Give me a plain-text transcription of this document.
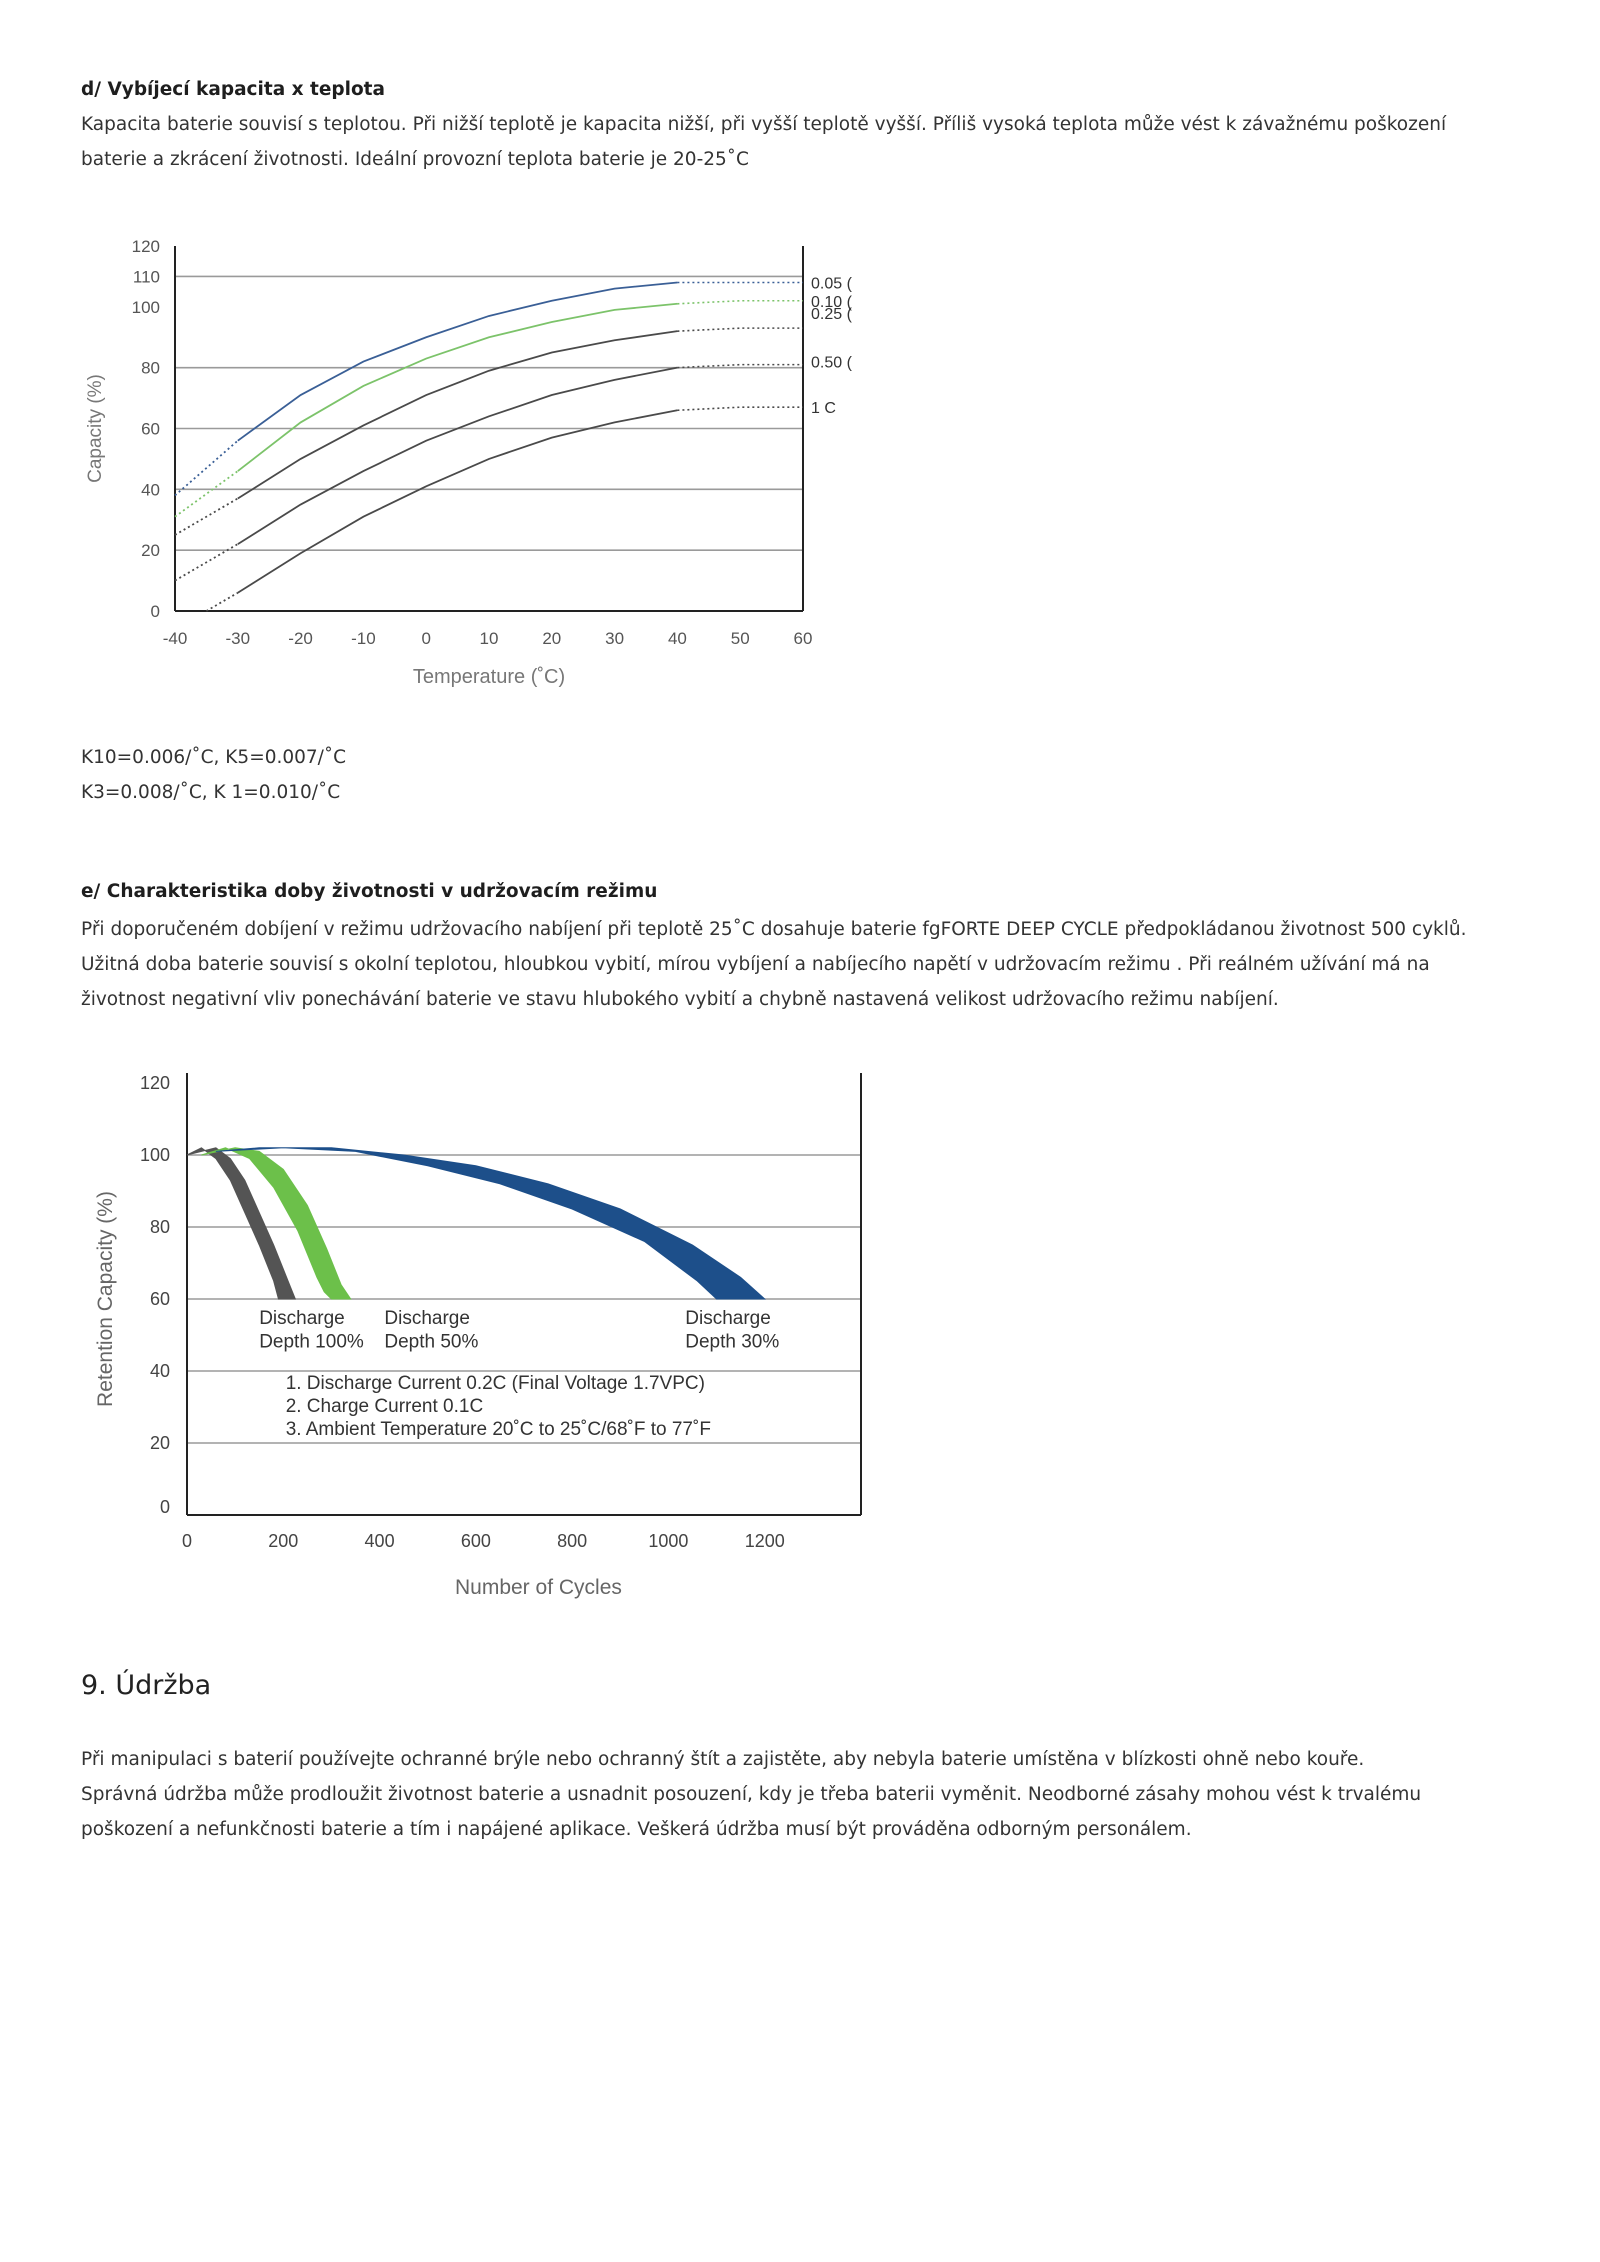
d/ Vybíjecí kapacita x teplota

Kapacita baterie souvisí s teplotou. Při nižší teplotě je kapacita nižší, při vyšší teplotě vyšší. Příliš vysoká teplota může vést k závažnému poškození
baterie a zkrácení životnosti. Ideální provozní teplota baterie je 20-25˚C

0
20
40
60
80
100
110
120
-40 -30 -20 -10	0	10	20	30	40	50	60
Temperature (˚C)
Capacity (%)
0.05 (
0.10 (
0.25 (
0.50 (
1 C
K10=0.006/˚C, K5=0.007/˚C
K3=0.008/˚C, K 1=0.010/˚C
e/ Charakteristika doby životnosti v udržovacím režimu

Při doporučeném dobíjení v režimu udržovacího nabíjení při teplotě 25˚C dosahuje baterie fgFORTE DEEP CYCLE předpokládanou životnost 500 cyklů.
Užitná doba baterie souvisí s okolní teplotou, hloubkou vybití, mírou vybíjení a nabíjecího napětí v udržovacím režimu . Při reálném užívání má na
životnost negativní vliv ponechávání baterie ve stavu hlubokého vybití a chybně nastavená velikost udržovacího režimu nabíjení.

0
20
40
60
80
100
120
0	200	400	600	800	1000	1200
Number of Cycles
Retention Capacity (%)	Discharge
Depth 100%
Discharge
Depth 50%
Discharge
Depth 30%
1. Discharge Current 0.2C (Final Voltage 1.7VPC)
2. Charge Current 0.1C
3. Ambient Temperature 20˚C to 25˚C/68˚F to 77˚F
9. Údržba

Při manipulaci s baterií používejte ochranné brýle nebo ochranný štít a zajistěte, aby nebyla baterie umístěna v blízkosti ohně nebo kouře.
Správná údržba může prodloužit životnost baterie a usnadnit posouzení, kdy je třeba baterii vyměnit. Neodborné zásahy mohou vést k trvalému
poškození a nefunkčnosti baterie a tím i napájené aplikace. Veškerá údržba musí být prováděna odborným personálem.
